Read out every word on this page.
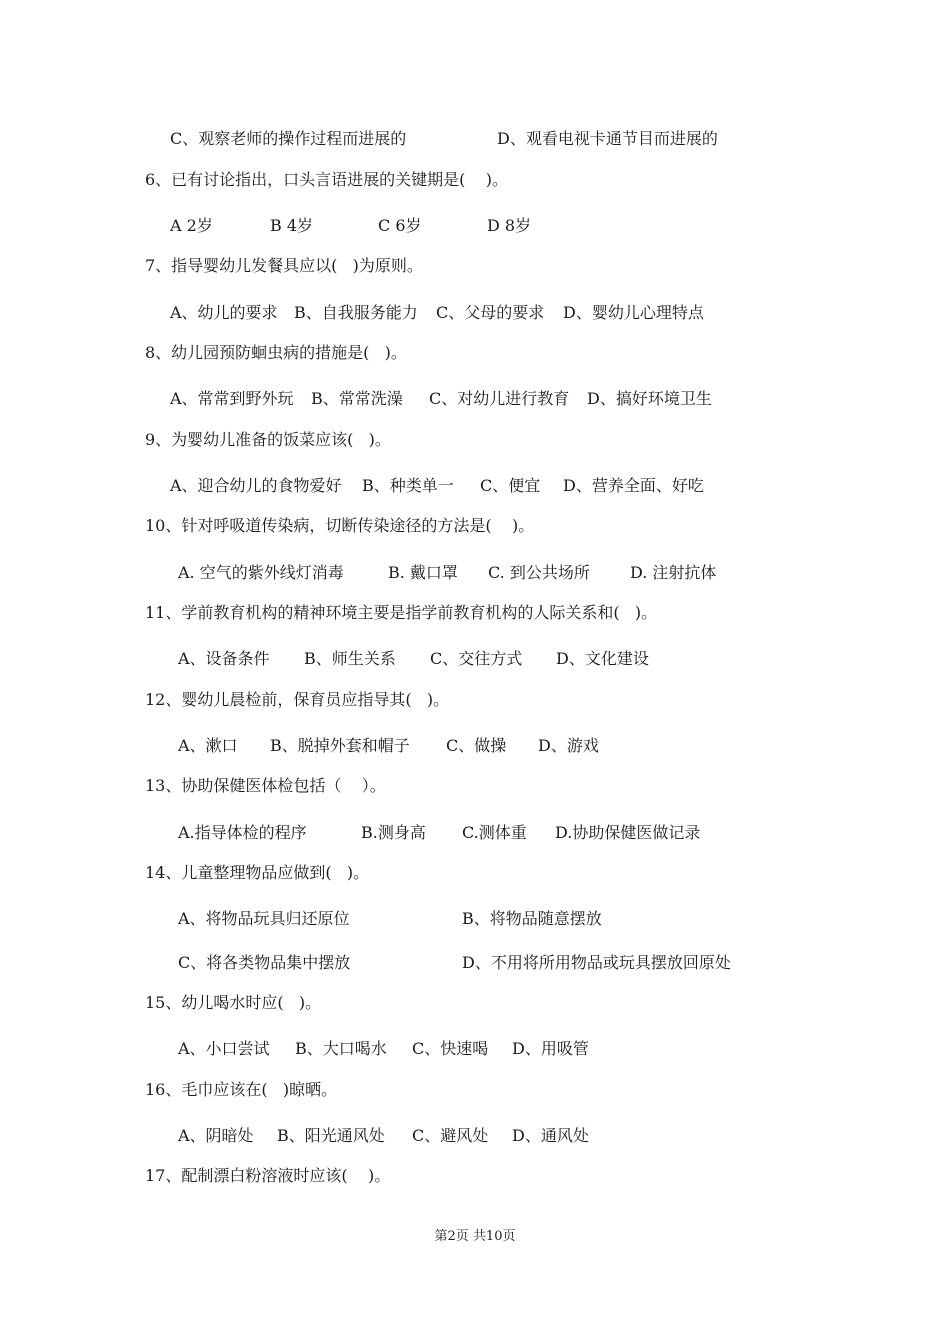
C、观察老师的操作过程而进展的	D、观看电视卡通节目而进展的
6、已有讨论指出，口头言语进展的关键期是(    )。
A 2岁	B 4岁	C 6岁	D 8岁
7、指导婴幼儿发餐具应以(   )为原则。
A、幼儿的要求 B、自我服务能力 C、父母的要求 D、婴幼儿心理特点
8、幼儿园预防蛔虫病的措施是(   )。
A、常常到野外玩 B、常常洗澡 C、对幼儿进行教育 D、搞好环境卫生
9、为婴幼儿准备的饭菜应该(   )。
A、迎合幼儿的食物爱好 B、种类单一 C、便宜 D、营养全面、好吃
10、针对呼吸道传染病，切断传染途径的方法是(    )。
A. 空气的紫外线灯消毒	B. 戴口罩 C. 到公共场所	D. 注射抗体
11、学前教育机构的精神环境主要是指学前教育机构的人际关系和(   )。
A、设备条件 B、师生关系 C、交往方式 D、文化建设
12、婴幼儿晨检前，保育员应指导其(   )。
A、漱口 B、脱掉外套和帽子 C、做操 D、游戏
13、协助保健医体检包括（    ）。
A.指导体检的程序	B.测身高 C.测体重 D.协助保健医做记录
14、儿童整理物品应做到(   )。
A、将物品玩具归还原位	B、将物品随意摆放
C、将各类物品集中摆放	D、不用将所用物品或玩具摆放回原处
15、幼儿喝水时应(   )。
A、小口尝试 B、大口喝水 C、快速喝 D、用吸管
16、毛巾应该在(   )晾晒。
A、阴暗处 B、阳光通风处 C、避风处 D、通风处
17、配制漂白粉溶液时应该(    )。
第2页 共10页
